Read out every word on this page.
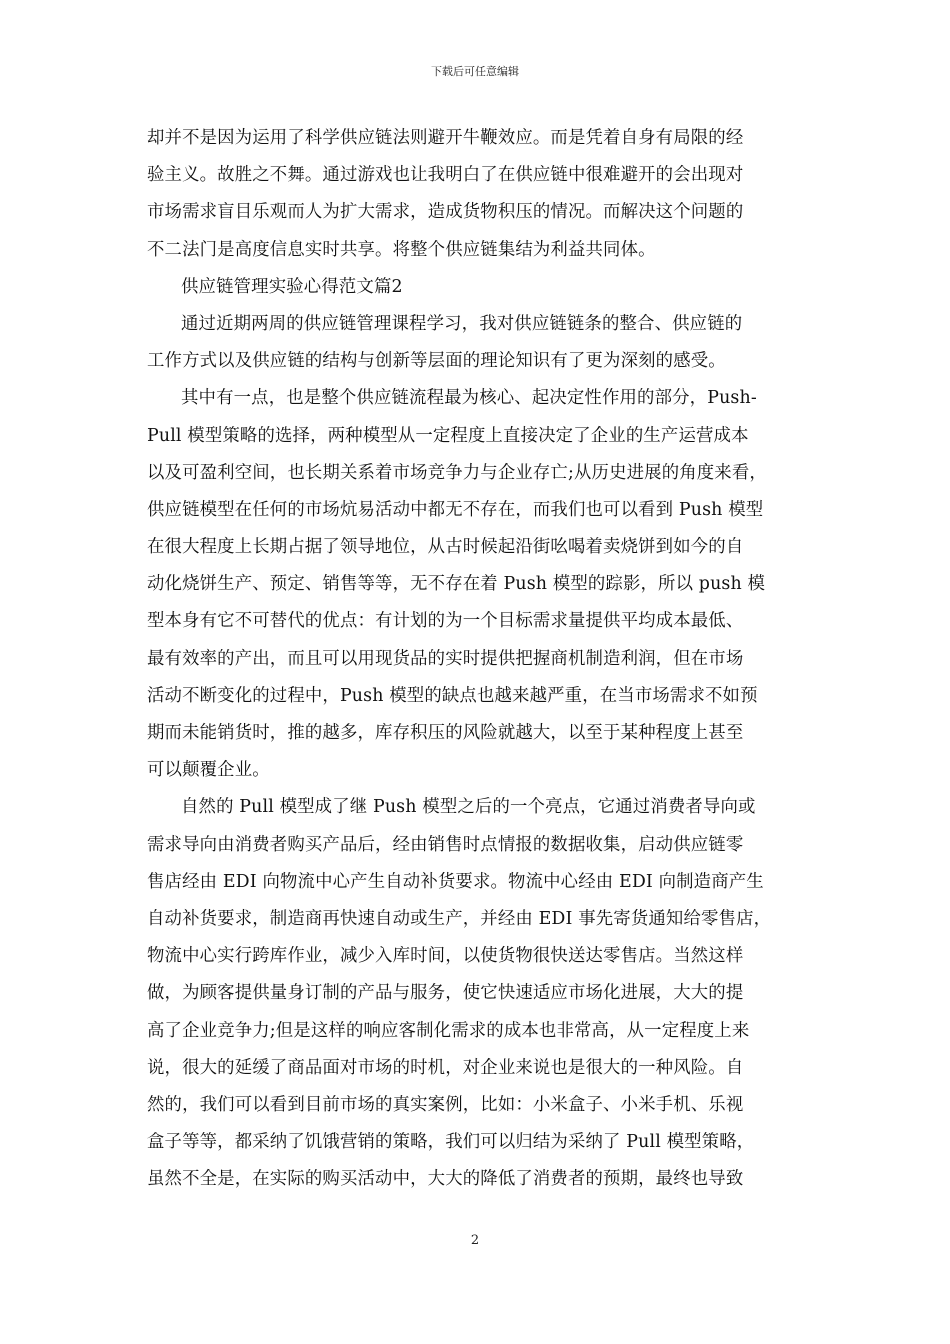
下载后可任意编辑
却并不是因为运用了科学供应链法则避开牛鞭效应。而是凭着自身有局限的经
验主义。故胜之不舞。通过游戏也让我明白了在供应链中很难避开的会出现对
市场需求盲目乐观而人为扩大需求，造成货物积压的情况。而解决这个问题的
不二法门是高度信息实时共享。将整个供应链集结为利益共同体。
供应链管理实验心得范文篇2
通过近期两周的供应链管理课程学习，我对供应链链条的整合、供应链的
工作方式以及供应链的结构与创新等层面的理论知识有了更为深刻的感受。
其中有一点，也是整个供应链流程最为核心、起决定性作用的部分，Push-
Pull 模型策略的选择，两种模型从一定程度上直接决定了企业的生产运营成本
以及可盈利空间，也长期关系着市场竞争力与企业存亡;从历史进展的角度来看，
供应链模型在任何的市场炕易活动中都无不存在，而我们也可以看到 Push 模型
在很大程度上长期占据了领导地位，从古时候起沿街吆喝着卖烧饼到如今的自
动化烧饼生产、预定、销售等等，无不存在着 Push 模型的踪影，所以 push 模
型本身有它不可替代的优点：有计划的为一个目标需求量提供平均成本最低、
最有效率的产出，而且可以用现货品的实时提供把握商机制造利润，但在市场
活动不断变化的过程中，Push 模型的缺点也越来越严重，在当市场需求不如预
期而未能销货时，推的越多，库存积压的风险就越大，以至于某种程度上甚至
可以颠覆企业。
自然的 Pull 模型成了继 Push 模型之后的一个亮点，它通过消费者导向或
需求导向由消费者购买产品后，经由销售时点情报的数据收集，启动供应链零
售店经由 EDI 向物流中心产生自动补货要求。物流中心经由 EDI 向制造商产生
自动补货要求，制造商再快速自动或生产，并经由 EDI 事先寄货通知给零售店，
物流中心实行跨库作业，减少入库时间，以使货物很快送达零售店。当然这样
做，为顾客提供量身订制的产品与服务，使它快速适应市场化进展，大大的提
高了企业竞争力;但是这样的响应客制化需求的成本也非常高，从一定程度上来
说，很大的延缓了商品面对市场的时机，对企业来说也是很大的一种风险。自
然的，我们可以看到目前市场的真实案例，比如：小米盒子、小米手机、乐视
盒子等等，都采纳了饥饿营销的策略，我们可以归结为采纳了 Pull 模型策略，
虽然不全是，在实际的购买活动中，大大的降低了消费者的预期，最终也导致
2
